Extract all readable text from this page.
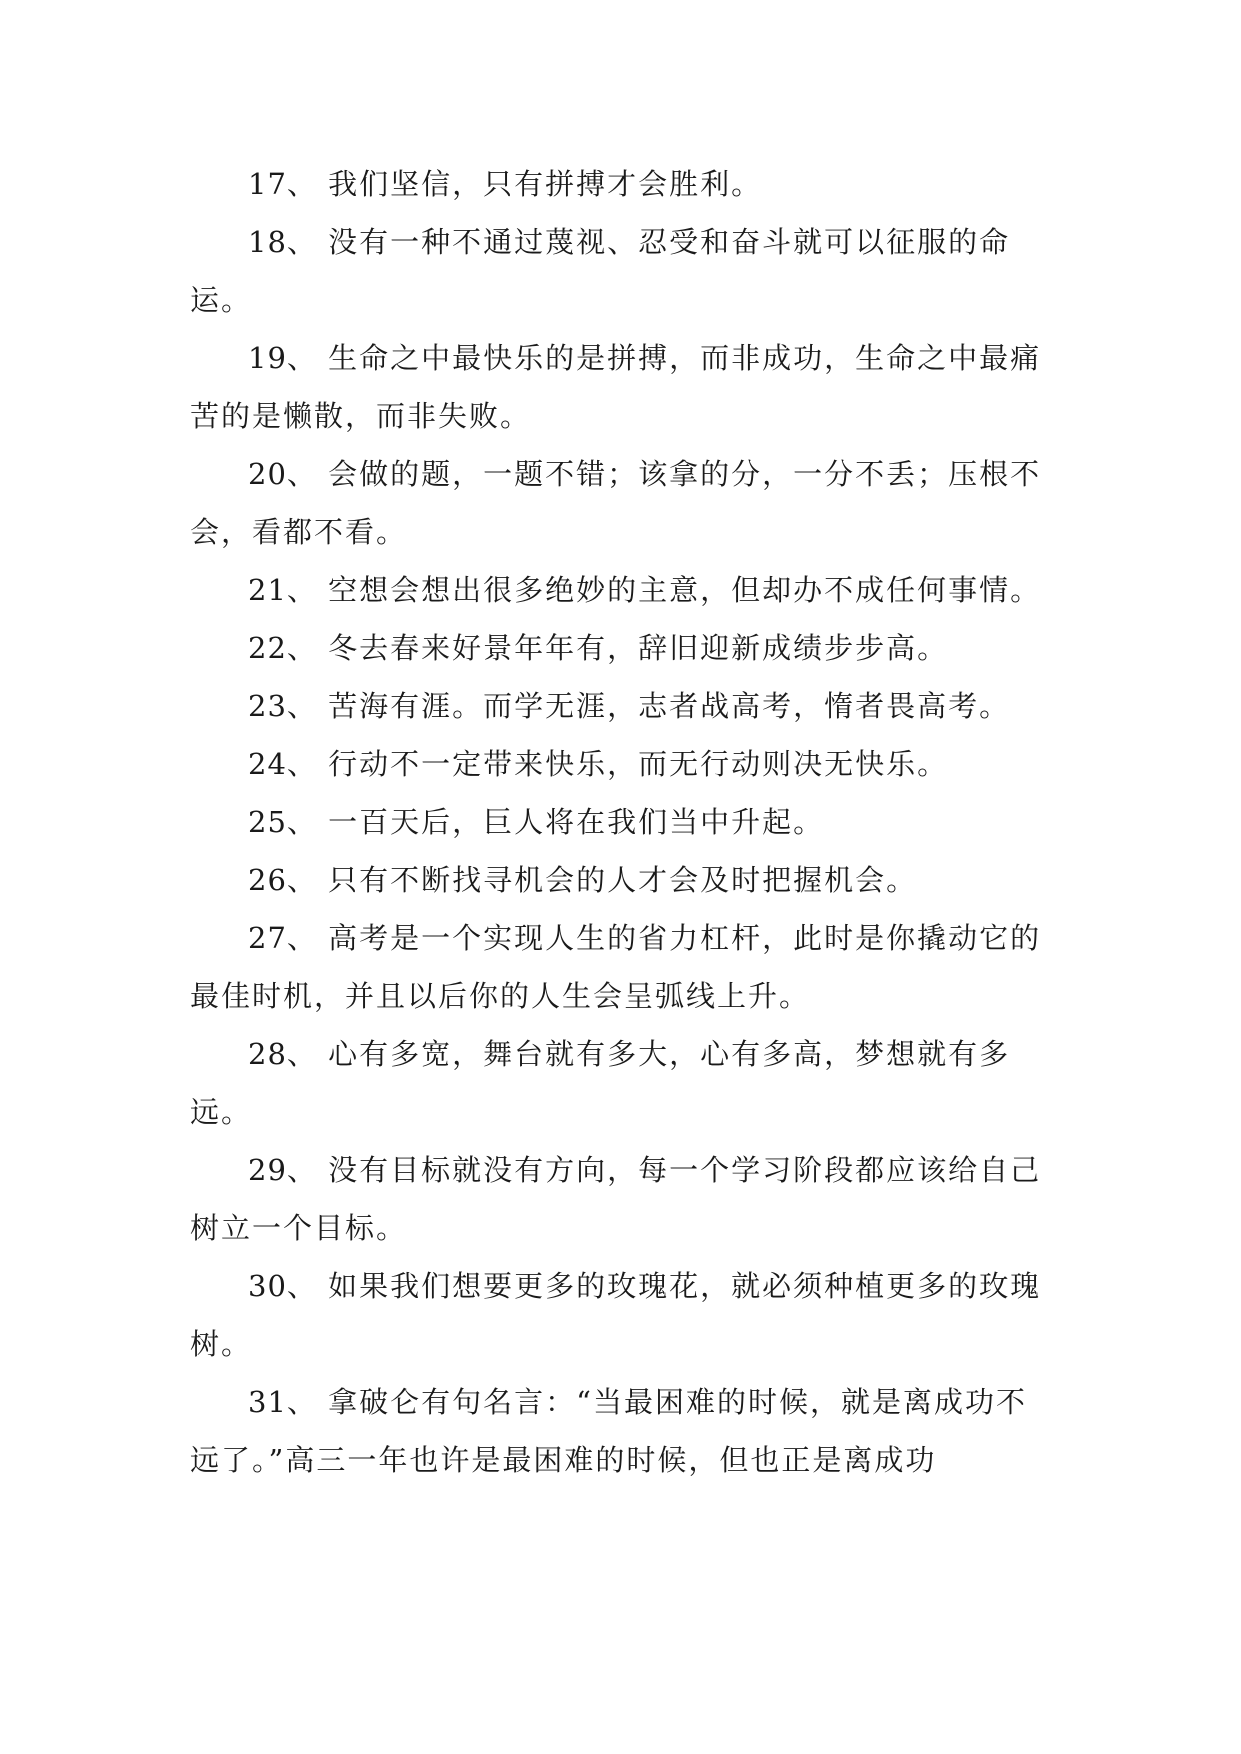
17、 我们坚信，只有拼搏才会胜利。

18、 没有一种不通过蔑视、忍受和奋斗就可以征服的命运。

19、 生命之中最快乐的是拼搏，而非成功，生命之中最痛苦的是懒散，而非失败。

20、 会做的题，一题不错；该拿的分，一分不丢；压根不会，看都不看。

21、 空想会想出很多绝妙的主意，但却办不成任何事情。

22、 冬去春来好景年年有，辞旧迎新成绩步步高。

23、 苦海有涯。而学无涯，志者战高考，惰者畏高考。

24、 行动不一定带来快乐，而无行动则决无快乐。

25、 一百天后，巨人将在我们当中升起。

26、 只有不断找寻机会的人才会及时把握机会。

27、 高考是一个实现人生的省力杠杆，此时是你撬动它的最佳时机，并且以后你的人生会呈弧线上升。

28、 心有多宽，舞台就有多大，心有多高，梦想就有多远。

29、 没有目标就没有方向，每一个学习阶段都应该给自己树立一个目标。

30、 如果我们想要更多的玫瑰花，就必须种植更多的玫瑰树。

31、 拿破仑有句名言：“当最困难的时候，就是离成功不远了。”高三一年也许是最困难的时候，但也正是离成功
